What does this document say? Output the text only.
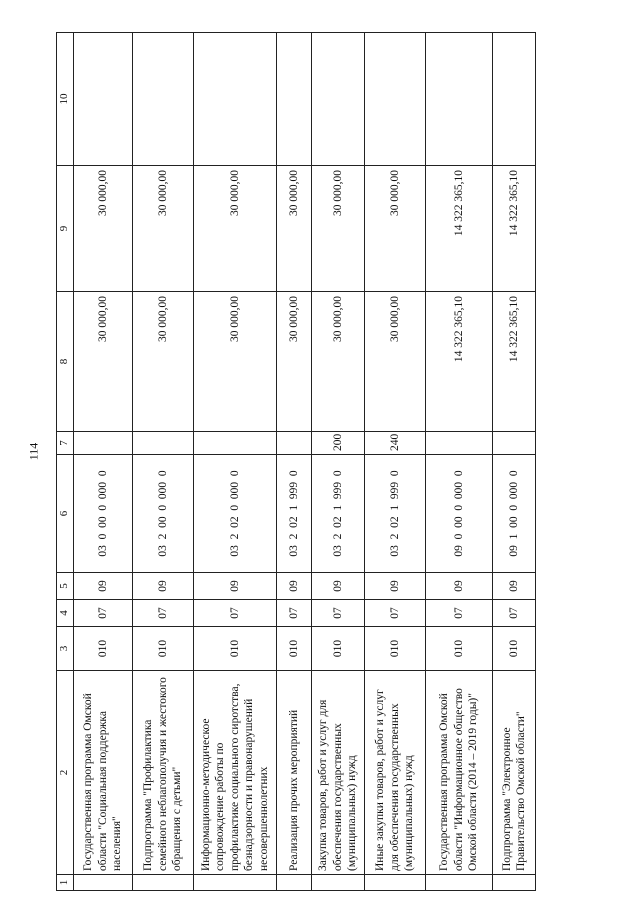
114
1	2	3	4	5	6	7	8	9	10
	Государственная программа Омской области "Социальная поддержка населения"	010	07	09	03  0  00  0  000  0		30 000,00	30 000,00	
	Подпрограмма "Профилактика семейного неблагополучия и жестокого обращения с детьми"	010	07	09	03  2  00  0  000  0		30 000,00	30 000,00	
	Информационно-методическое сопровождение работы по профилактике социального сиротства, безнадзорности и правонарушений несовершеннолетних	010	07	09	03  2  02  0  000  0		30 000,00	30 000,00	
	Реализация прочих мероприятий	010	07	09	03  2  02  1  999  0		30 000,00	30 000,00	
	Закупка товаров, работ и услуг для обеспечения государственных (муниципальных) нужд	010	07	09	03  2  02  1  999  0	200	30 000,00	30 000,00	
	Иные закупки товаров, работ и услуг для обеспечения государственных (муниципальных) нужд	010	07	09	03  2  02  1  999  0	240	30 000,00	30 000,00	
	Государственная программа Омской области "Информационное общество Омской области (2014 – 2019 годы)"	010	07	09	09  0  00  0  000  0		14 322 365,10	14 322 365,10	
	Подпрограмма "Электронное Правительство Омской области"	010	07	09	09  1  00  0  000  0		14 322 365,10	14 322 365,10	
